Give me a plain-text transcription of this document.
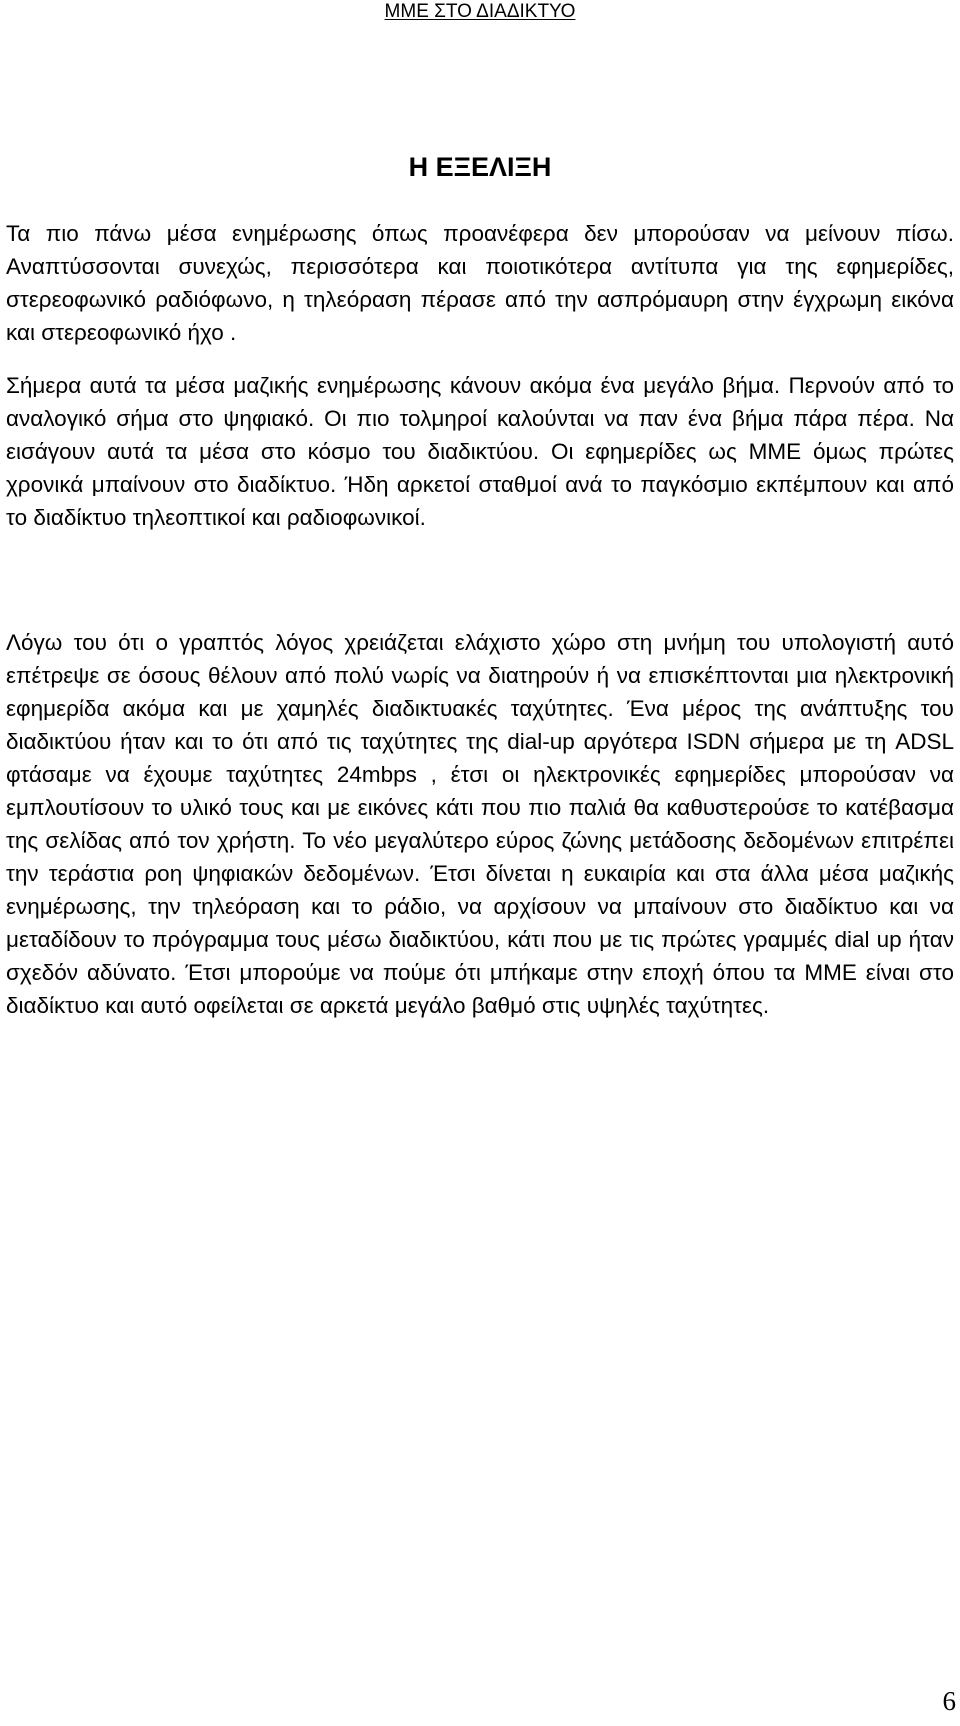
ΜΜΕ ΣΤΟ ΔΙΑΔΙΚΤΥΟ
Η ΕΞΕΛΙΞΗ

Τα πιο πάνω μέσα ενημέρωσης όπως προανέφερα δεν μπορούσαν να μείνουν πίσω. Αναπτύσσονται συνεχώς, περισσότερα και ποιοτικότερα αντίτυπα για της εφημερίδες, στερεοφωνικό ραδιόφωνο, η τηλεόραση πέρασε από την ασπρόμαυρη στην έγχρωμη εικόνα και στερεοφωνικό ήχο .

Σήμερα αυτά τα μέσα μαζικής ενημέρωσης κάνουν ακόμα ένα μεγάλο βήμα. Περνούν από το αναλογικό σήμα στο ψηφιακό. Οι πιο τολμηροί καλούνται να παν ένα βήμα πάρα πέρα. Να εισάγουν αυτά τα μέσα στο κόσμο του διαδικτύου. Οι εφημερίδες ως ΜΜΕ όμως πρώτες χρονικά μπαίνουν στο διαδίκτυο. Ήδη αρκετοί σταθμοί ανά το παγκόσμιο εκπέμπουν και από το διαδίκτυο τηλεοπτικοί και ραδιοφωνικοί.

Λόγω του ότι ο γραπτός λόγος χρειάζεται ελάχιστο χώρο στη μνήμη του υπολογιστή αυτό επέτρεψε σε όσους θέλουν από πολύ νωρίς να διατηρούν ή να επισκέπτονται μια ηλεκτρονική εφημερίδα ακόμα και με χαμηλές διαδικτυακές ταχύτητες. Ένα μέρος της ανάπτυξης του διαδικτύου ήταν και το ότι από τις ταχύτητες της dial-up αργότερα ISDN σήμερα με τη ADSL φτάσαμε να έχουμε ταχύτητες 24mbps , έτσι οι ηλεκτρονικές εφημερίδες μπορούσαν να εμπλουτίσουν το υλικό τους και με εικόνες κάτι που πιο παλιά θα καθυστερούσε το κατέβασμα της σελίδας από τον χρήστη. Το νέο μεγαλύτερο εύρος ζώνης μετάδοσης δεδομένων επιτρέπει την τεράστια ροη ψηφιακών δεδομένων. Έτσι δίνεται η ευκαιρία και στα άλλα μέσα μαζικής ενημέρωσης, την τηλεόραση και το ράδιο, να αρχίσουν να μπαίνουν στο διαδίκτυο και να μεταδίδουν το πρόγραμμα τους μέσω διαδικτύου, κάτι που με τις πρώτες γραμμές dial up ήταν σχεδόν αδύνατο. Έτσι μπορούμε να πούμε ότι μπήκαμε στην εποχή όπου τα ΜΜΕ είναι στο διαδίκτυο και αυτό οφείλεται σε αρκετά μεγάλο βαθμό στις υψηλές ταχύτητες.

6
